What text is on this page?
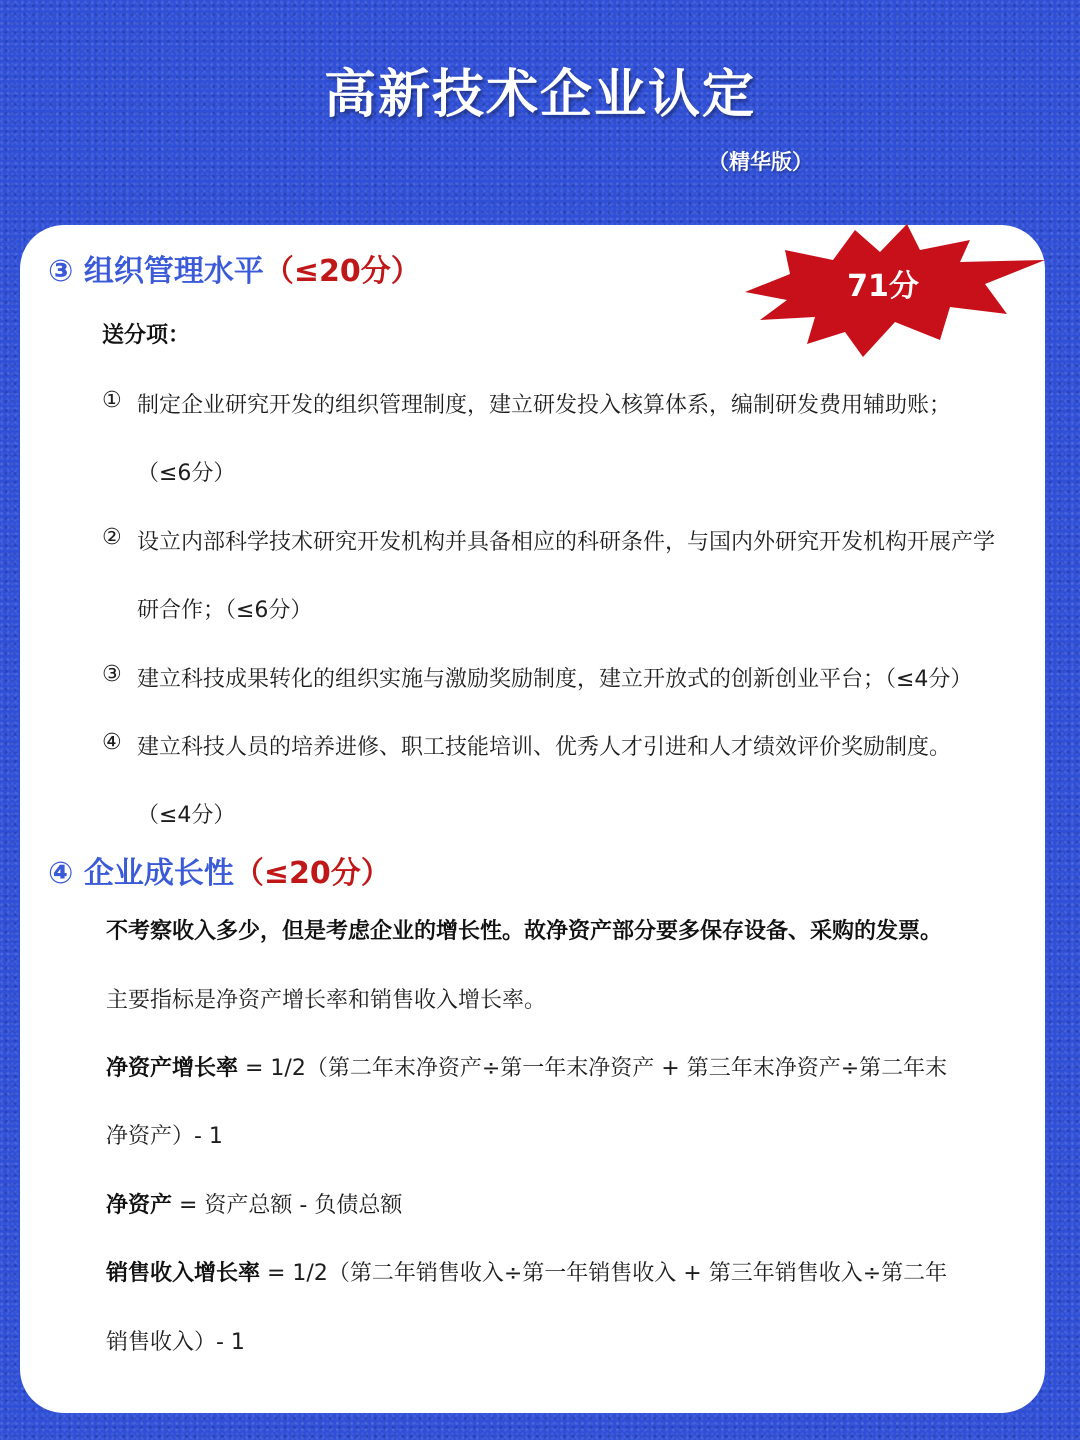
高新技术企业认定
（精华版）
71分
③ 组织管理水平（≤20分）
送分项：
① 制定企业研究开发的组织管理制度，建立研发投入核算体系，编制研发费用辅助账；
（≤6分）
② 设立内部科学技术研究开发机构并具备相应的科研条件，与国内外研究开发机构开展产学
研合作；（≤6分）
③ 建立科技成果转化的组织实施与激励奖励制度，建立开放式的创新创业平台；（≤4分）
④ 建立科技人员的培养进修、职工技能培训、优秀人才引进和人才绩效评价奖励制度。
（≤4分）
④ 企业成长性（≤20分）
不考察收入多少，但是考虑企业的增长性。故净资产部分要多保存设备、采购的发票。
主要指标是净资产增长率和销售收入增长率。
净资产增长率 = 1/2（第二年末净资产÷第一年末净资产 + 第三年末净资产÷第二年末
净资产）- 1
净资产 = 资产总额 - 负债总额
销售收入增长率 = 1/2（第二年销售收入÷第一年销售收入 + 第三年销售收入÷第二年
销售收入）- 1
